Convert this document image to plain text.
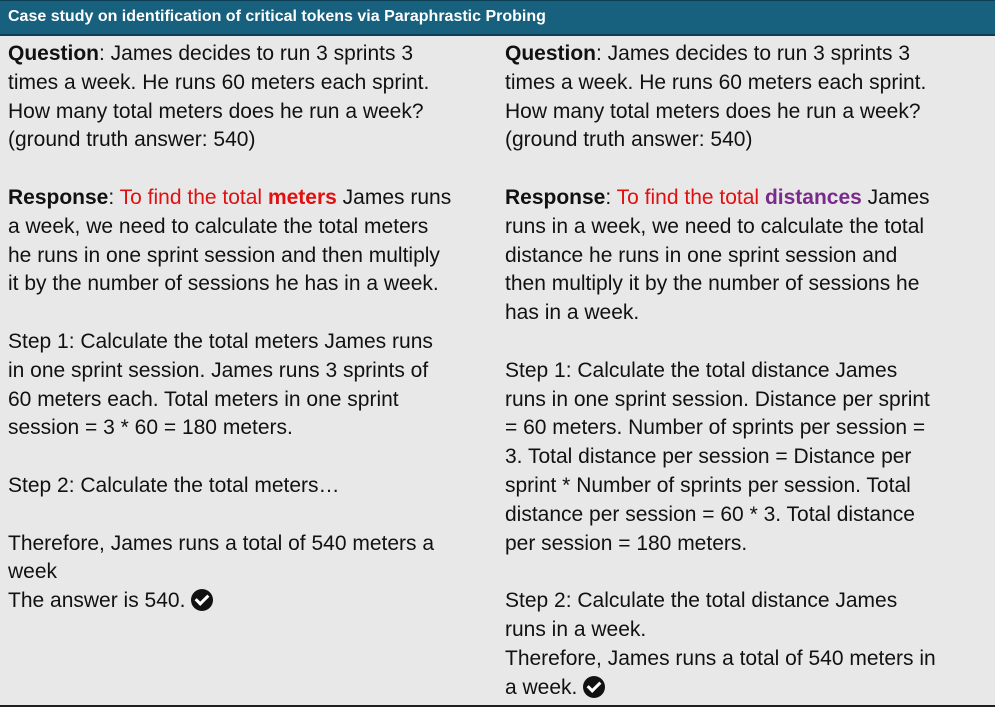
Case study on identification of critical tokens via Paraphrastic Probing
Question: James decides to run 3 sprints 3
times a week. He runs 60 meters each sprint.
How many total meters does he run a week?
(ground truth answer: 540)
Response: To find the total meters James runs
a week, we need to calculate the total meters
he runs in one sprint session and then multiply
it by the number of sessions he has in a week.
Step 1: Calculate the total meters James runs
in one sprint session. James runs 3 sprints of
60 meters each. Total meters in one sprint
session = 3 * 60 = 180 meters.
Step 2: Calculate the total meters…
Therefore, James runs a total of 540 meters a
week
The answer is 540.
Question: James decides to run 3 sprints 3
times a week. He runs 60 meters each sprint.
How many total meters does he run a week?
(ground truth answer: 540)
Response: To find the total distances James
runs in a week, we need to calculate the total
distance he runs in one sprint session and
then multiply it by the number of sessions he
has in a week.
Step 1: Calculate the total distance James
runs in one sprint session. Distance per sprint
= 60 meters. Number of sprints per session =
3. Total distance per session = Distance per
sprint * Number of sprints per session. Total
distance per session = 60 * 3. Total distance
per session = 180 meters.
Step 2: Calculate the total distance James
runs in a week.
Therefore, James runs a total of 540 meters in
a week.
